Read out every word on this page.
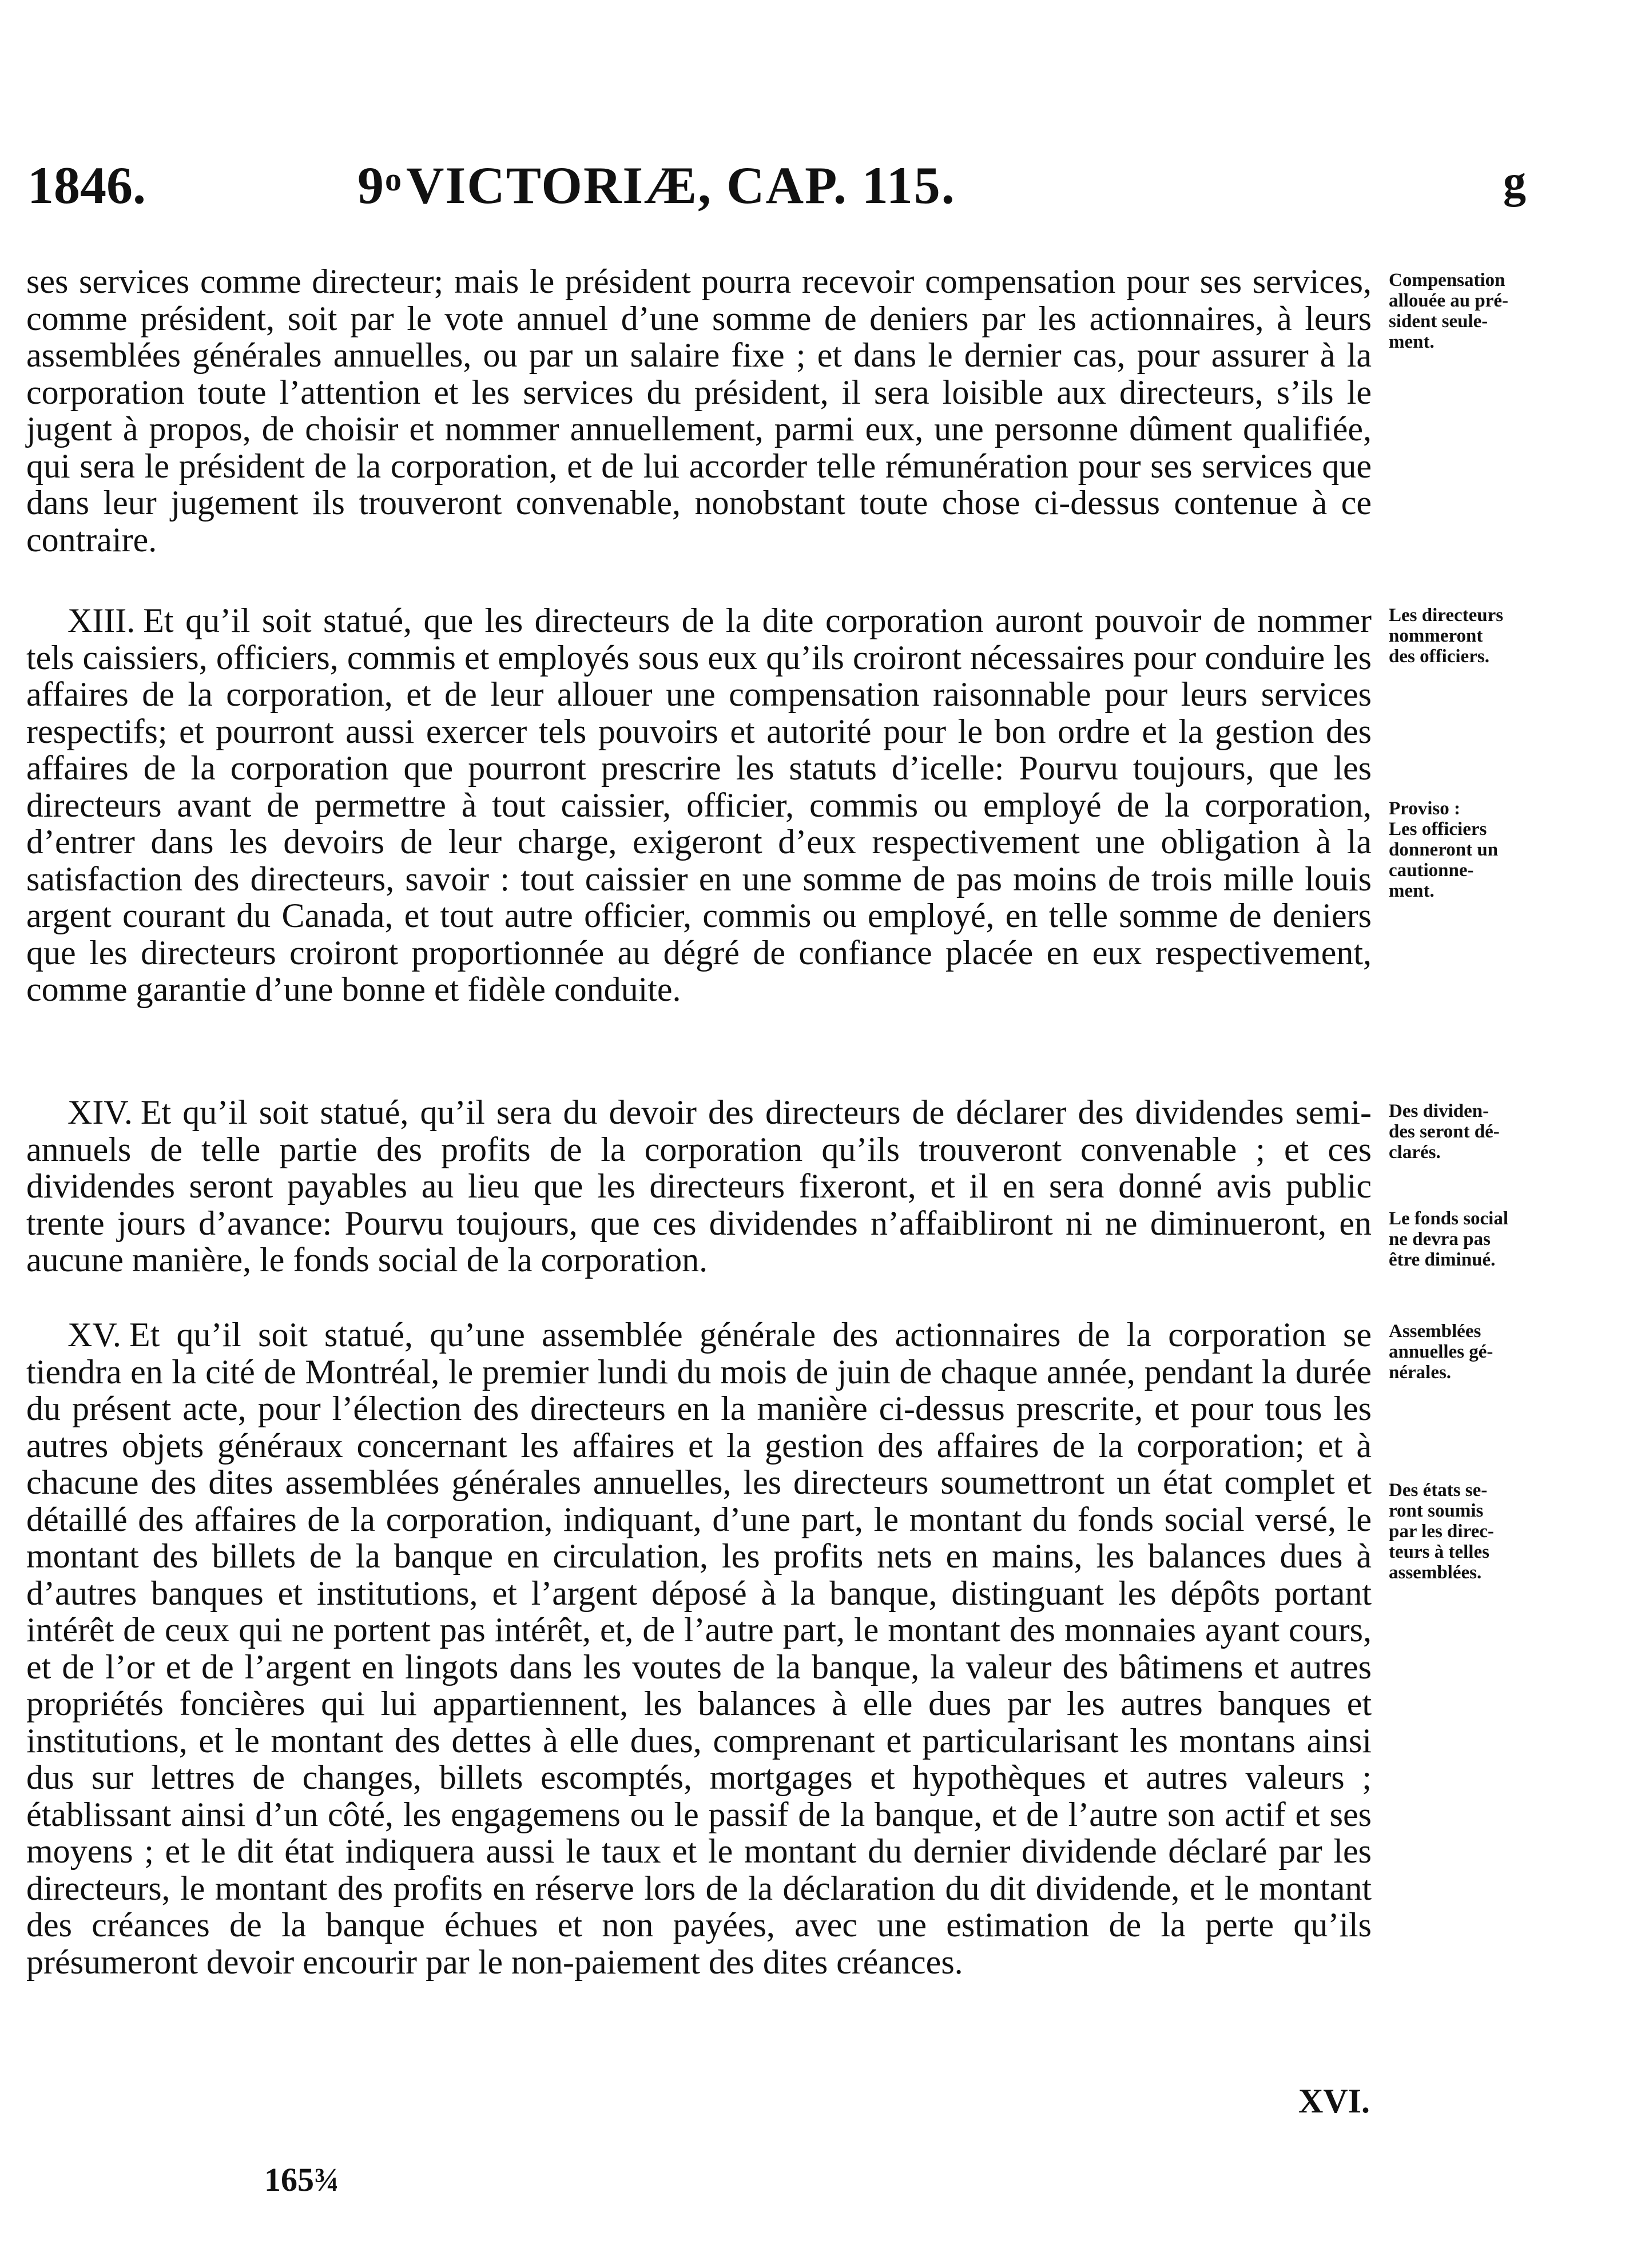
1846.	9$^o$VICTORIÆ, CAP. 115.	g

ses services comme directeur; mais le président pourra recevoir compensation pour ses services, comme président, soit par le vote annuel d’une somme de deniers par les actionnaires, à leurs assemblées générales annuelles, ou par un salaire fixe ; et dans le dernier cas, pour assurer à la corporation toute l’attention et les services du président, il sera loisible aux directeurs, s’ils le jugent à propos, de choisir et nommer annuellement, parmi eux, une personne dûment qualifiée, qui sera le président de la corporation, et de lui accorder telle rémunération pour ses services que dans leur jugement ils trouveront convenable, nonobstant toute chose ci-dessus contenue à ce contraire.

XIII. Et qu’il soit statué, que les directeurs de la dite corporation auront pouvoir de nommer tels caissiers, officiers, commis et employés sous eux qu’ils croiront nécessaires pour conduire les affaires de la corporation, et de leur allouer une compensation raisonnable pour leurs services respectifs; et pourront aussi exercer tels pouvoirs et autorité pour le bon ordre et la gestion des affaires de la corporation que pourront prescrire les statuts d’icelle: Pourvu toujours, que les directeurs avant de permettre à tout caissier, officier, commis ou employé de la corporation, d’entrer dans les devoirs de leur charge, exigeront d’eux respectivement une obligation à la satisfaction des directeurs, savoir : tout caissier en une somme de pas moins de trois mille louis argent courant du Canada, et tout autre officier, commis ou employé, en telle somme de deniers que les directeurs croiront proportionnée au dégré de confiance placée en eux respectivement, comme garantie d’une bonne et fidèle conduite.

XIV. Et qu’il soit statué, qu’il sera du devoir des directeurs de déclarer des dividendes semi-annuels de telle partie des profits de la corporation qu’ils trouveront convenable ; et ces dividendes seront payables au lieu que les directeurs fixeront, et il en sera donné avis public trente jours d’avance: Pourvu toujours, que ces dividendes n’affaibliront ni ne diminueront, en aucune manière, le fonds social de la corporation.

XV. Et qu’il soit statué, qu’une assemblée générale des actionnaires de la corporation se tiendra en la cité de Montréal, le premier lundi du mois de juin de chaque année, pendant la durée du présent acte, pour l’élection des directeurs en la manière ci-dessus prescrite, et pour tous les autres objets généraux concernant les affaires et la gestion des affaires de la corporation; et à chacune des dites assemblées générales annuelles, les directeurs soumettront un état complet et détaillé des affaires de la corporation, indiquant, d’une part, le montant du fonds social versé, le montant des billets de la banque en circulation, les profits nets en mains, les balances dues à d’autres banques et institutions, et l’argent déposé à la banque, distinguant les dépôts portant intérêt de ceux qui ne portent pas intérêt, et, de l’autre part, le montant des monnaies ayant cours, et de l’or et de l’argent en lingots dans les voutes de la banque, la valeur des bâtimens et autres propriétés foncières qui lui appartiennent, les balances à elle dues par les autres banques et institutions, et le montant des dettes à elle dues, comprenant et particularisant les montans ainsi dus sur lettres de changes, billets escomptés, mortgages et hypothèques et autres valeurs ; établissant ainsi d’un côté, les engagemens ou le passif de la banque, et de l’autre son actif et ses moyens ; et le dit état indiquera aussi le taux et le montant du dernier dividende déclaré par les directeurs, le montant des profits en réserve lors de la déclaration du dit dividende, et le montant des créances de la banque échues et non payées, avec une estimation de la perte qu’ils présumeront devoir encourir par le non-paiement des dites créances.

Compensation
allouée au pré-
sident seule-
ment.
Les directeurs
nommeront
des officiers.
Proviso :
Les officiers
donneront un
cautionne-
ment.
Des dividen-
des seront dé-
clarés.
Le fonds social
ne devra pas
être diminué.
Assemblées
annuelles gé-
nérales.
Des états se-
ront soumis
par les direc-
teurs à telles
assemblées.
XVI.
165¾
